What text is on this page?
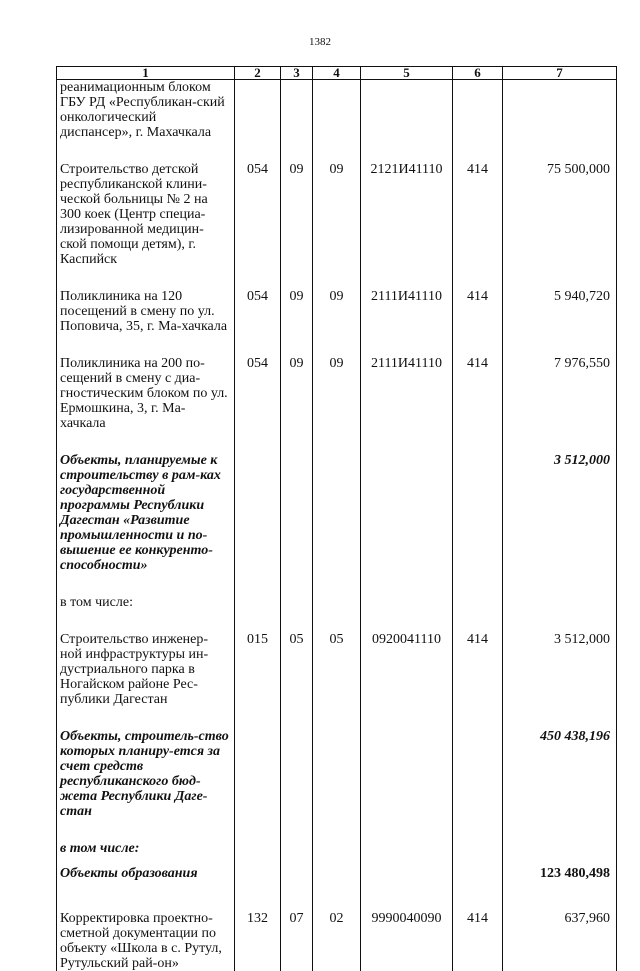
1382
1	2	3	4	5	6	7
реанимационным блоком ГБУ РД «Республикан-ский онкологический диспансер», г. Махачкала						

Строительство детской республиканской клини-ческой больницы № 2 на 300 коек (Центр специа-лизированной медицин-ской помощи детям), г. Каспийск	054	09	09	2121И41110	414	75 500,000

Поликлиника на 120 посещений в смену по ул. Поповича, 35, г. Ма-хачкала	054	09	09	2111И41110	414	5 940,720

Поликлиника на 200 по-сещений в смену с диа-гностическим блоком по ул. Ермошкина, 3, г. Ма-хачкала	054	09	09	2111И41110	414	7 976,550

Объекты, планируемые к строительству в рам-ках государственной программы Республики Дагестан «Развитие промышленности и по-вышение ее конкуренто-способности»						3 512,000

в том числе:						

Строительство инженер-ной инфраструктуры ин-дустриального парка в Ногайском районе Рес-публики Дагестан	015	05	05	0920041110	414	3 512,000

Объекты, строитель-ство которых планиру-ется за счет средств республиканского бюд-жета Республики Даге-стан						450 438,196

в том числе:						

Объекты образования						123 480,498

Корректировка проектно-сметной документации по объекту «Школа в с. Рутул, Рутульский рай-он»	132	07	02	9990040090	414	637,960
